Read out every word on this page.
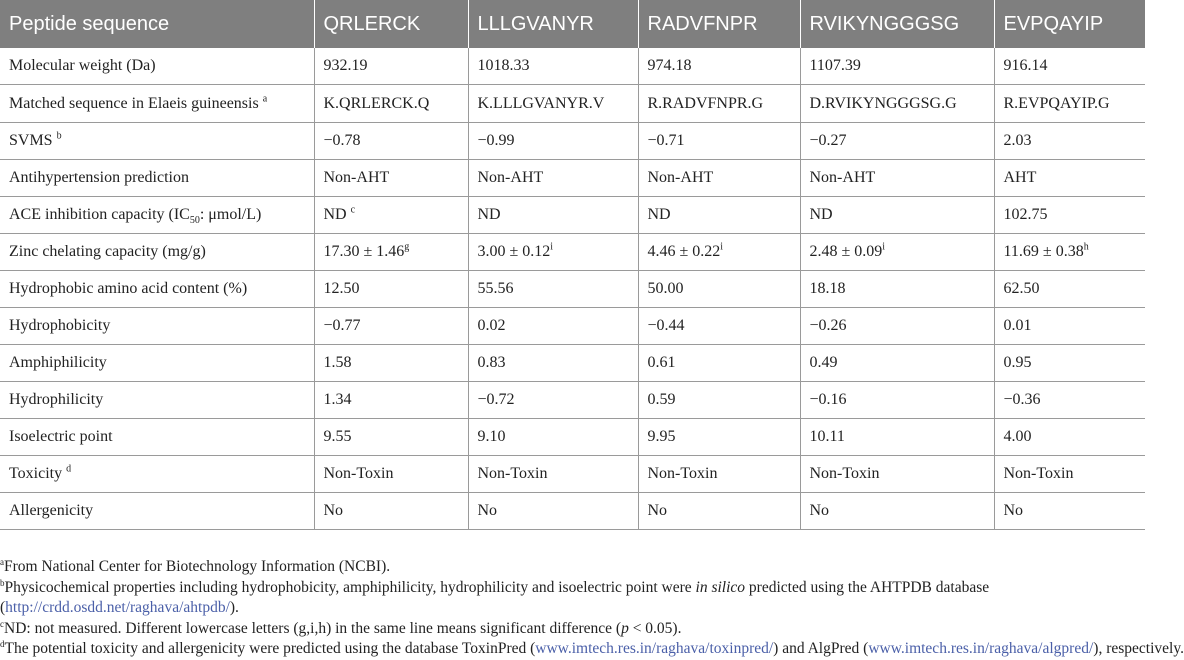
Peptide sequence	QRLERCK	LLLGVANYR	RADVFNPR	RVIKYNGGGSG	EVPQAYIP
Molecular weight (Da)	932.19	1018.33	974.18	1107.39	916.14
Matched sequence in Elaeis guineensis $^a$	K.QRLERCK.Q	K.LLLGVANYR.V	R.RADVFNPR.G	D.RVIKYNGGGSG.G	R.EVPQAYIP.G
SVMS $^b$	−0.78	−0.99	−0.71	−0.27	2.03
Antihypertension prediction	Non-AHT	Non-AHT	Non-AHT	Non-AHT	AHT
ACE inhibition capacity ($IC_{50}$: μmol/L)	ND $^c$	ND	ND	ND	102.75
Zinc chelating capacity (mg/g)	17.30 ± 1.46$^g$	$3.00 \pm 0.12^i$	$4.46 \pm 0.22^i$	$2.48 \pm 0.09^i$	11.69 ± 0.38$^h$
Hydrophobic amino acid content (%)	12.50	55.56	50.00	18.18	62.50
Hydrophobicity	−0.77	0.02	−0.44	−0.26	0.01
Amphiphilicity	1.58	0.83	0.61	0.49	0.95
Hydrophilicity	1.34	−0.72	0.59	−0.16	−0.36
Isoelectric point	9.55	9.10	9.95	10.11	4.00
Toxicity $^d$	Non-Toxin	Non-Toxin	Non-Toxin	Non-Toxin	Non-Toxin
Allergenicity	No	No	No	No	No

$^a$From National Center for Biotechnology Information (NCBI).

$^b$Physicochemical properties including hydrophobicity, amphiphilicity, hydrophilicity and isoelectric point were in silico predicted using the AHTPDB database (http://crdd.osdd.net/raghava/ahtpdb/).

$^c$ND: not measured. Different lowercase letters (g,i,h) in the same line means significant difference (p < 0.05).

$^d$The potential toxicity and allergenicity were predicted using the database ToxinPred (www.imtech.res.in/raghava/toxinpred/) and AlgPred (www.imtech.res.in/raghava/algpred/), respectively.
